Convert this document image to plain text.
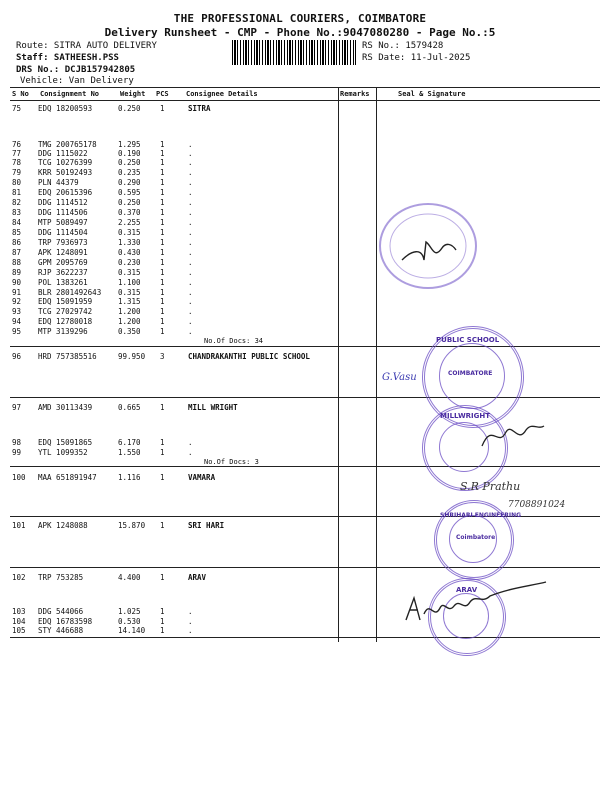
THE PROFESSIONAL COURIERS, COIMBATORE
Delivery Runsheet - CMP - Phone No.:9047080280 - Page No.:5
Route: SITRA AUTO DELIVERY
Staff: SATHEESH.PSS
DRS No.: DCJB157942805
Vehicle: Van Delivery
RS No.: 1579428
RS Date: 11-Jul-2025
S No Consignment No	Weight PCS Consignee Details	Remarks	Seal & Signature
75 EDQ 18200593	0.250	1	SITRA
76 TMG 200765178	1.295	1	.
77 DDG 1115022	0.190	1	.
78 TCG 10276399	0.250	1	.
79 KRR 50192493	0.235	1	.
80 PLN 44379	0.290	1	.
81 EDQ 20615396	0.595	1	.
82 DDG 1114512	0.250	1	.
83 DDG 1114506	0.370	1	.
84 MTP 5089497	2.255	1	.
85 DDG 1114504	0.315	1	.
86 TRP 7936973	1.330	1	.
87 APK 1248091	0.430	1	.
88 GPM 2095769	0.230	1	.
89 RJP 3622237	0.315	1	.
90 POL 1383261	1.100	1	.
91 BLR 2801492643 0.315	1	.
92 EDQ 15091959	1.315	1	.
93 TCG 27029742	1.200	1	.
94 EDQ 12780018	1.200	1	.
95 MTP 3139296	0.350	1	.
96 HRD 757385516	99.950 3	CHANDRAKANTHI PUBLIC SCHOOL
97 AMD 30113439	0.665	1	MILL WRIGHT
98 EDQ 15091865	6.170	1	.
99 YTL 1099352	1.550	1	.
100 MAA 651891947	1.116	1	VAMARA
101 APK 1248088	15.870 1	SRI HARI
102 TRP 753285	4.400	1	ARAV
103 DDG 544066	1.025	1	.
104 EDQ 16783598	0.530	1	.
105 STY 446688	14.140 1	.
No.Of Docs: 34
No.Of Docs: 3
PUBLIC SCHOOL
COIMBATORE
G.Vasu
MILLWRIGHT
S.R Prathu
7708891024
SHRIHARI ENGINEERING
Coimbatore
ARAV
